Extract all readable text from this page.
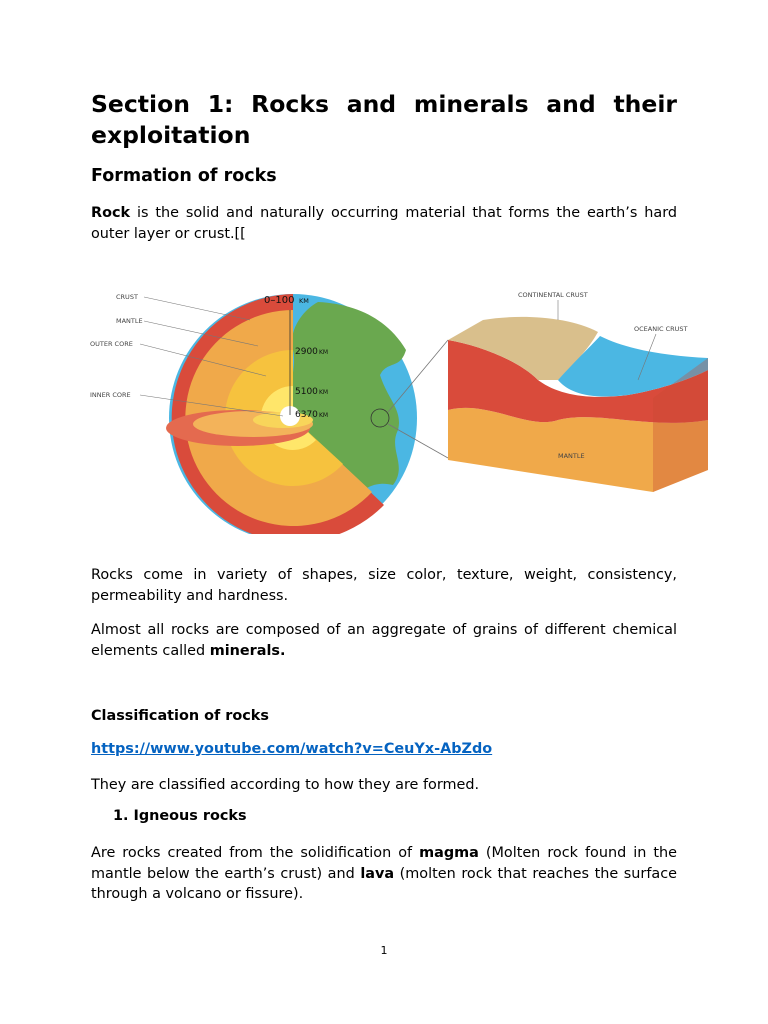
Section 1: Rocks and minerals and their exploitation
Formation of rocks

Rock is the solid and naturally occurring material that forms the earth’s hard outer layer or crust.[[

CRUST
MANTLE
OUTER CORE
INNER CORE
0–100 KM
2900 KM
5100 KM
6370 KM
CONTINENTAL CRUST
OCEANIC CRUST
MANTLE

Rocks come in variety of shapes, size color, texture, weight, consistency, permeability and hardness.

Almost all rocks are composed of an aggregate of grains of different chemical elements called minerals.

Classification of rocks
https://www.youtube.com/watch?v=CeuYx-AbZdo

They are classified according to how they are formed.

1. Igneous rocks

Are rocks created from the solidification of magma (Molten rock found in the mantle below the earth’s crust) and lava (molten rock that reaches the surface through a volcano or fissure).

1
